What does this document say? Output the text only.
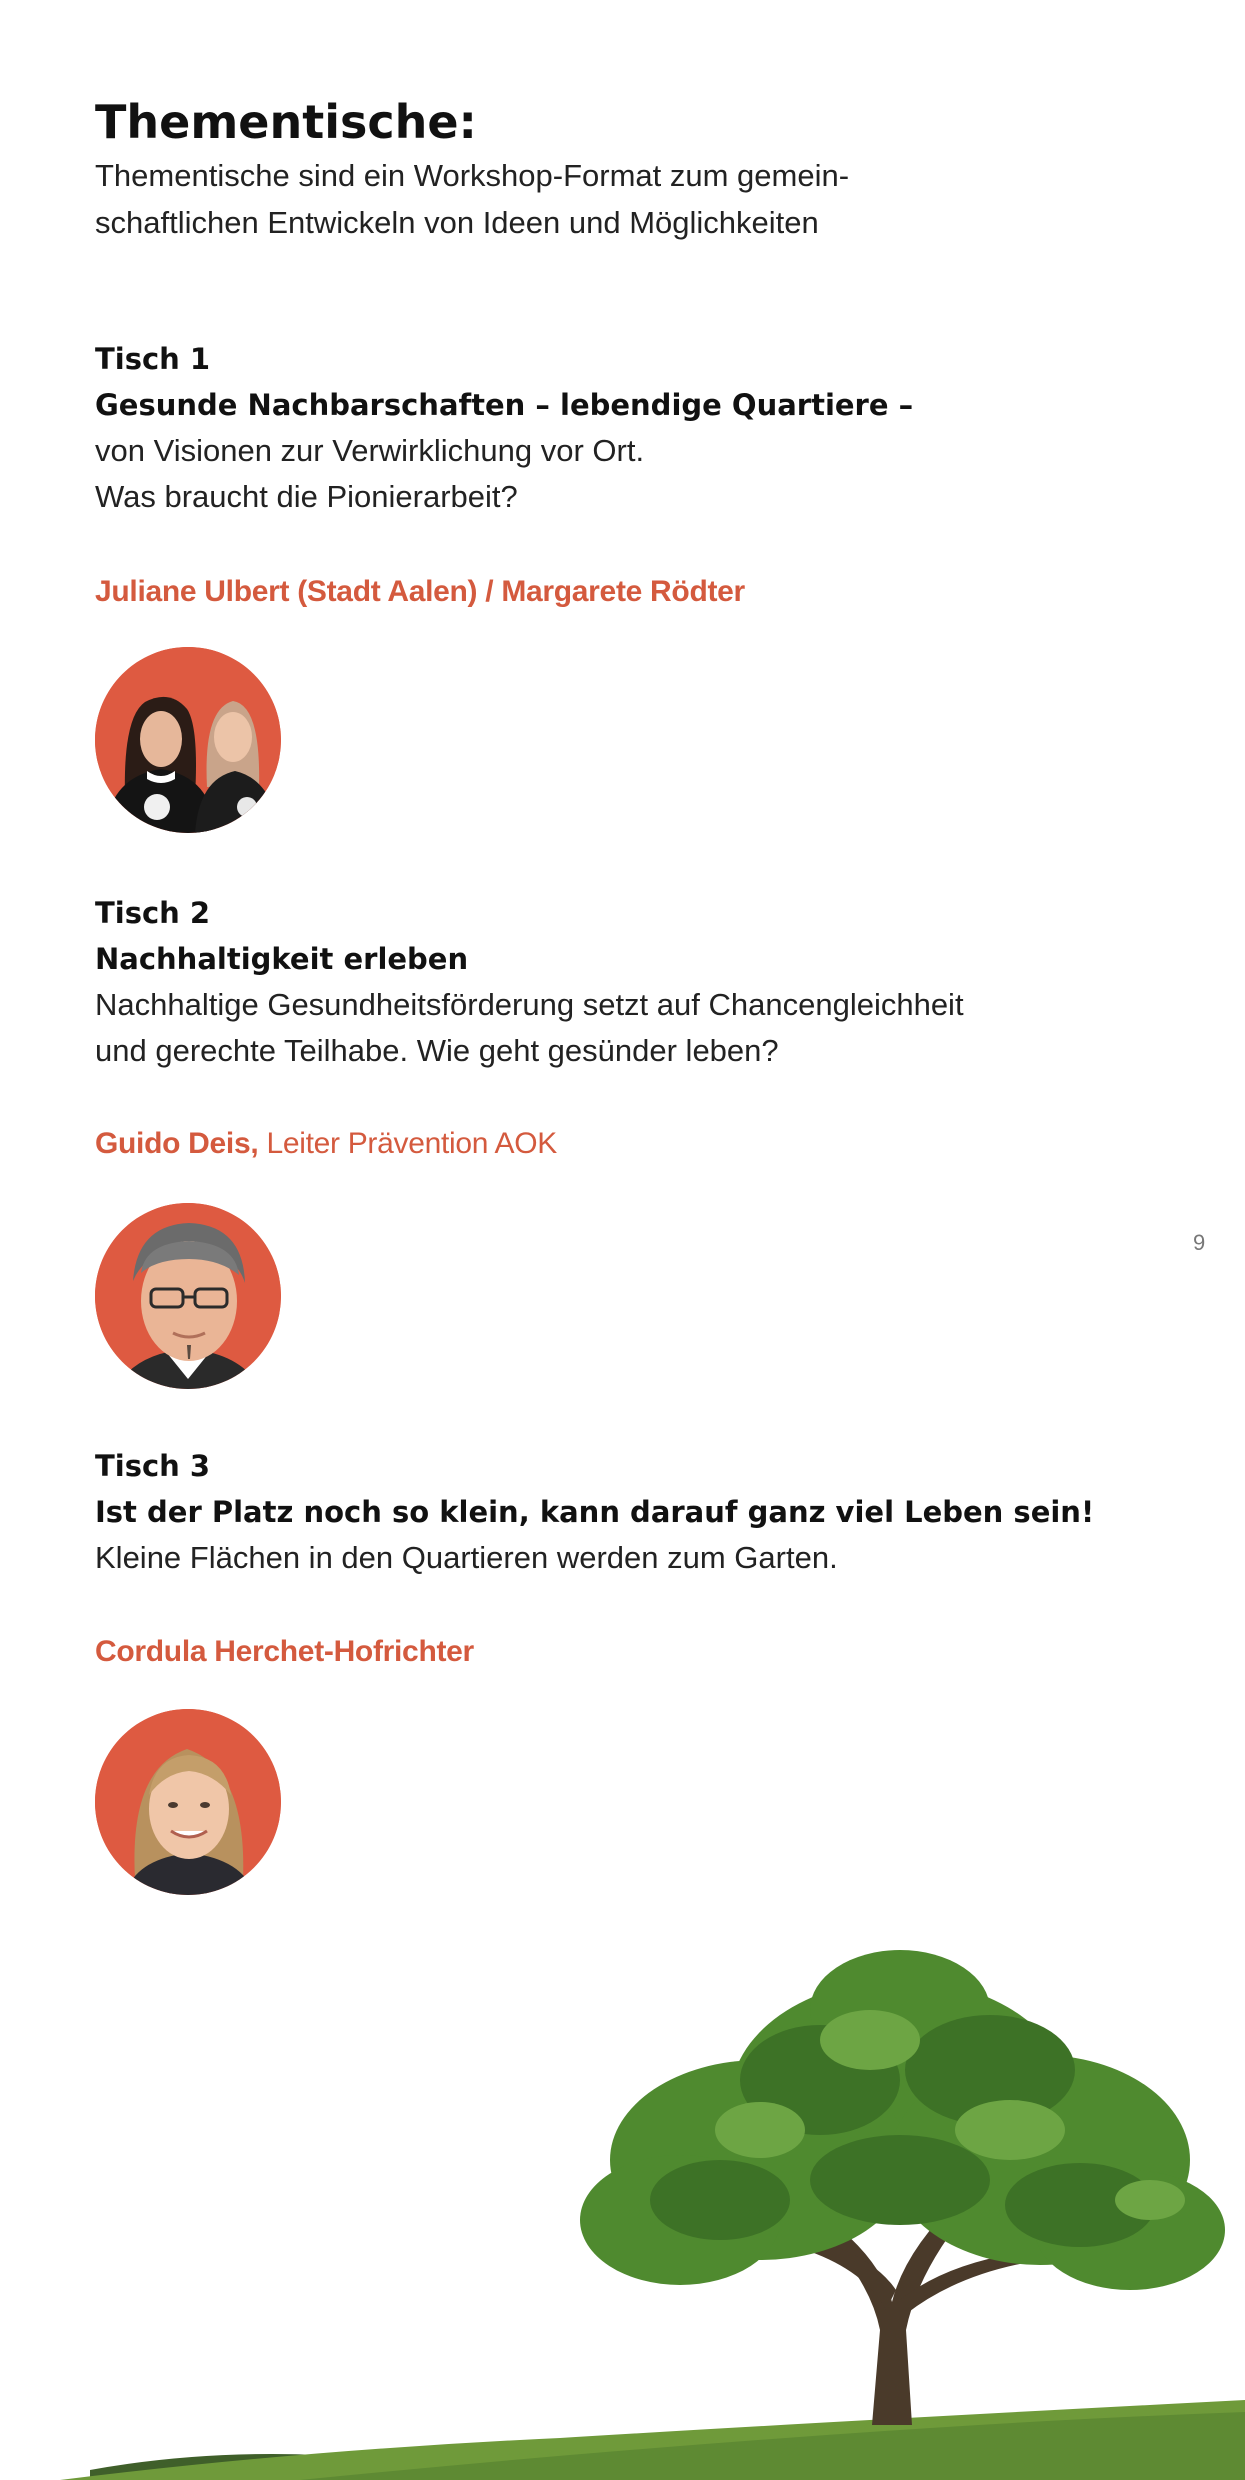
Thementische:
Thementische sind ein Workshop-Format zum gemein-
schaftlichen Entwickeln von Ideen und Möglichkeiten
Tisch 1
Gesunde Nachbarschaften – lebendige Quartiere –
von Visionen zur Verwirklichung vor Ort.
Was braucht die Pionierarbeit?
Juliane Ulbert (Stadt Aalen) / Margarete Rödter
Tisch 2
Nachhaltigkeit erleben
Nachhaltige Gesundheitsförderung setzt auf Chancengleichheit
und gerechte Teilhabe. Wie geht gesünder leben?
Guido Deis, Leiter Prävention AOK
Tisch 3
Ist der Platz noch so klein, kann darauf ganz viel Leben sein!
Kleine Flächen in den Quartieren werden zum Garten.
Cordula Herchet-Hofrichter
9
